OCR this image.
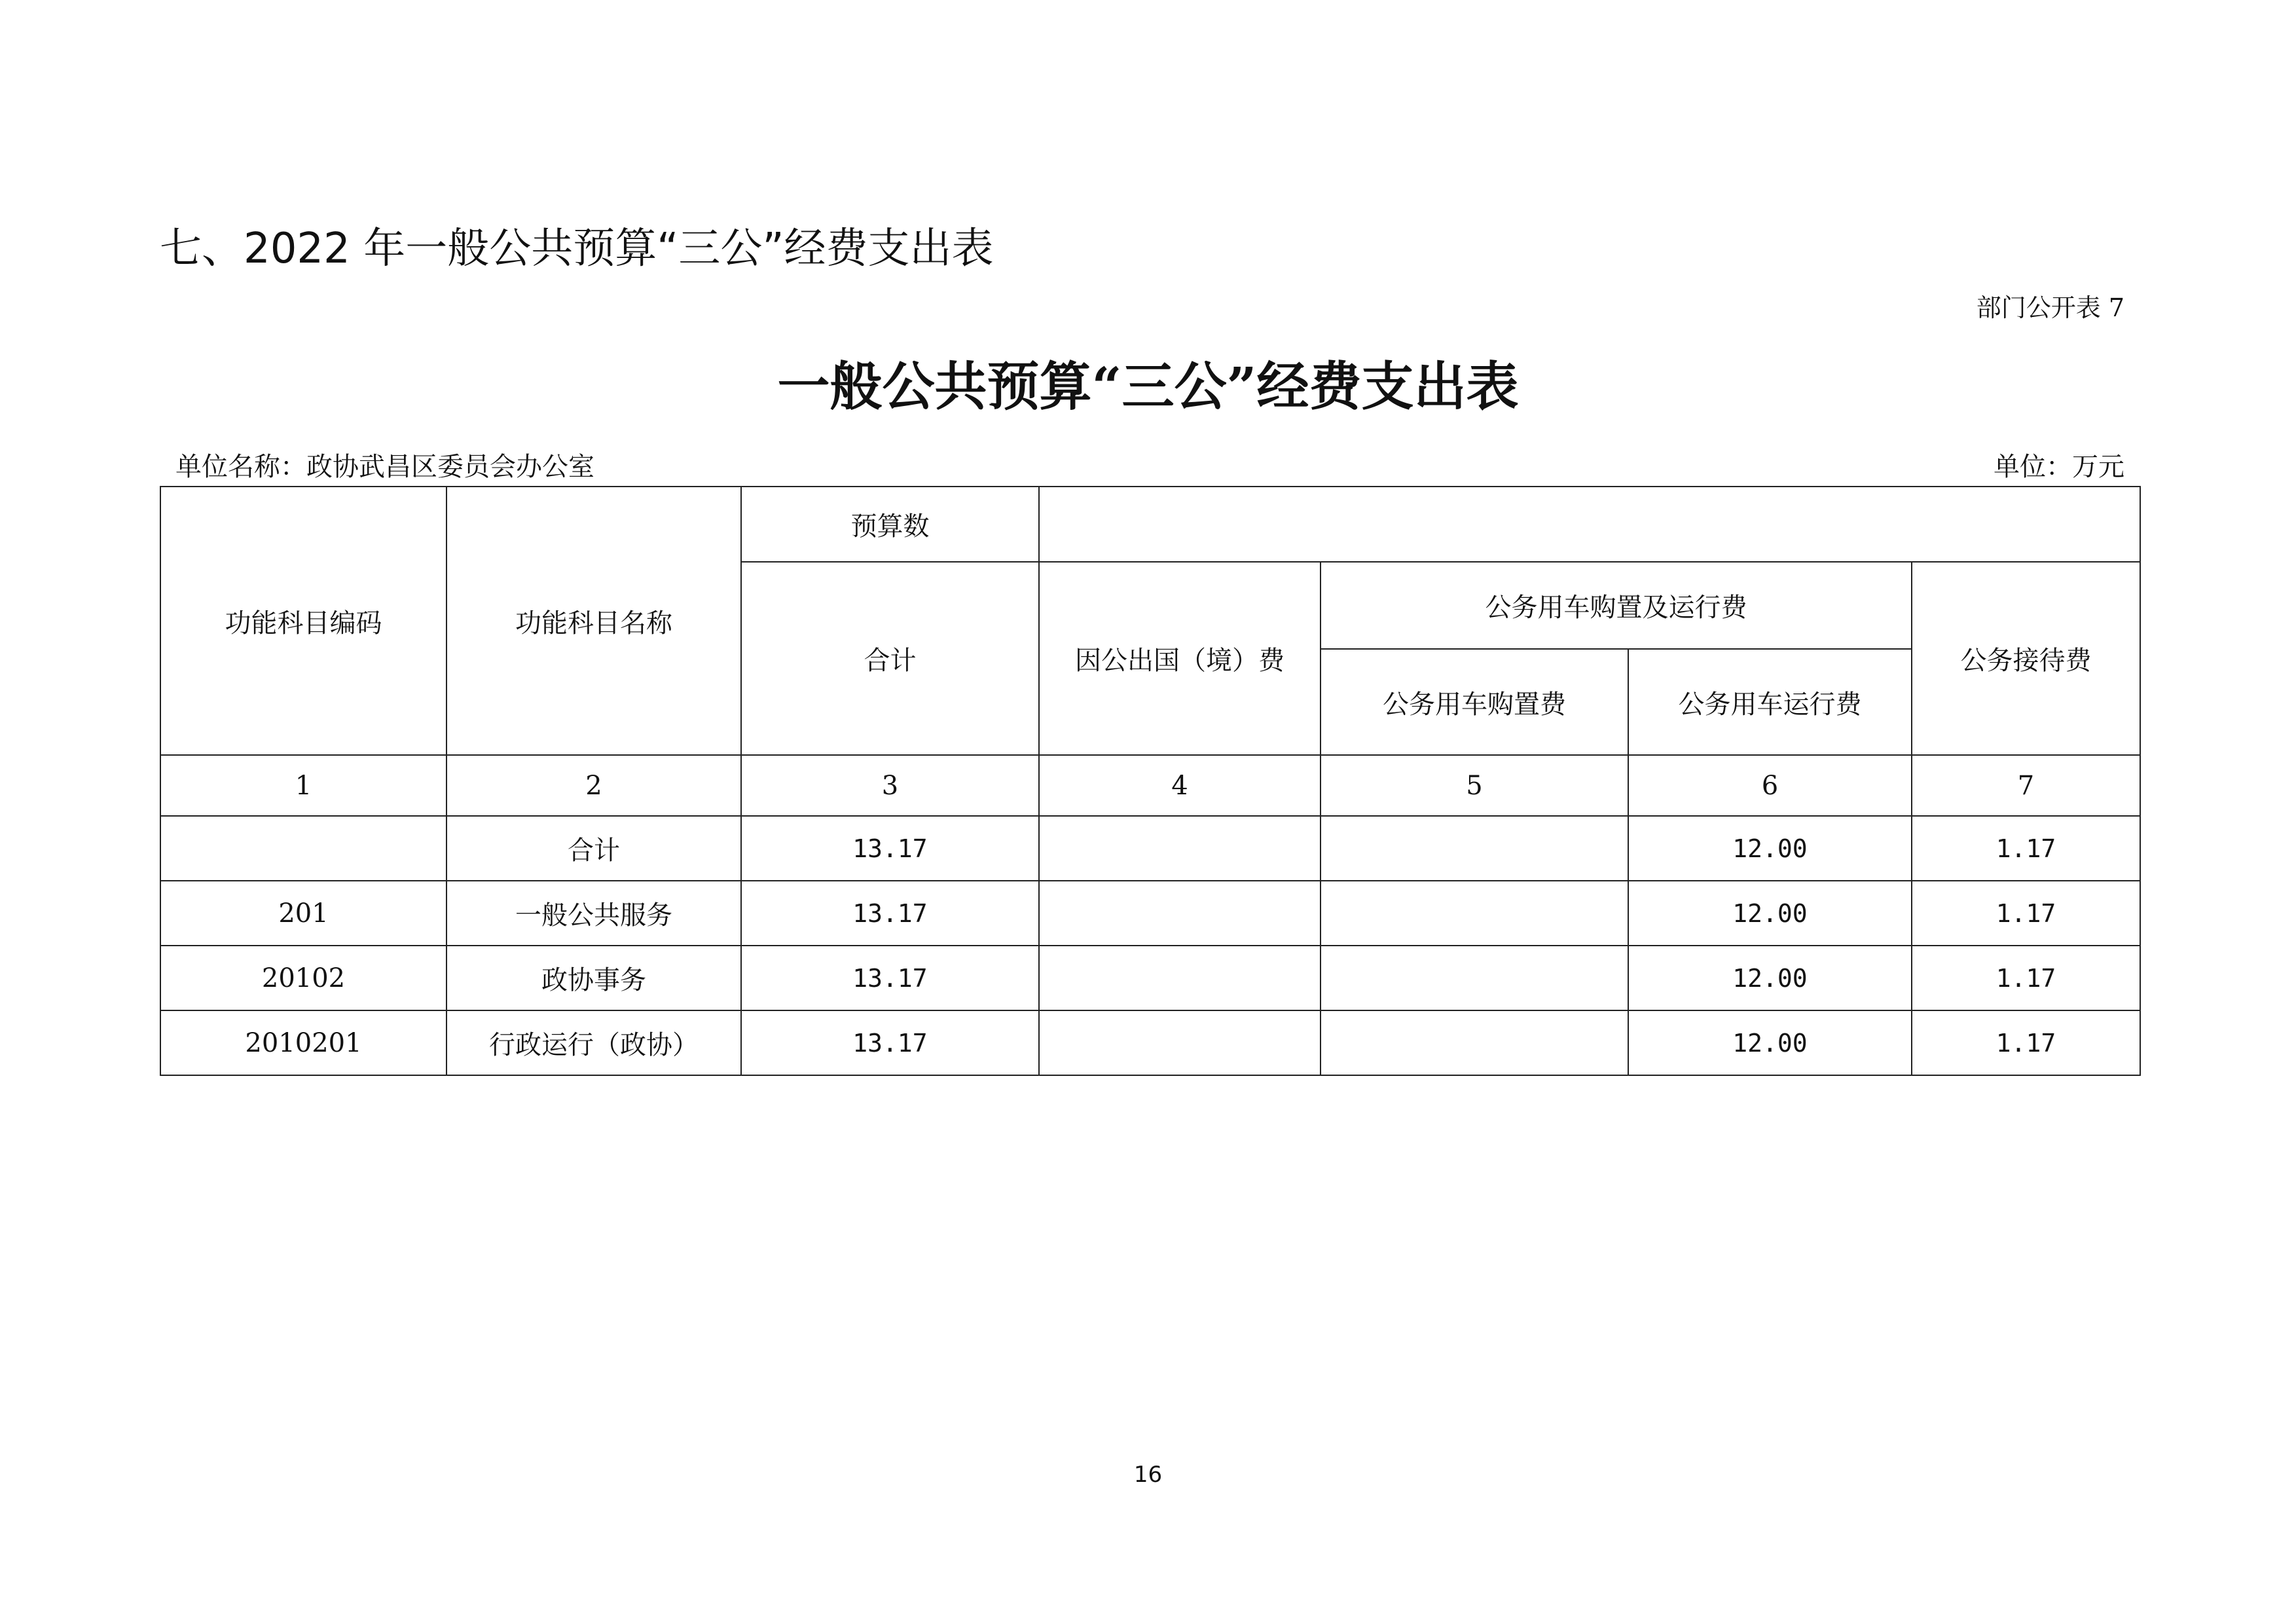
七、2022 年一般公共预算“三公”经费支出表
部门公开表 7
一般公共预算“三公”经费支出表
单位名称：政协武昌区委员会办公室	单位：万元
功能科目编码	功能科目名称	预算数				
		合计	因公出国（境）费	公务用车购置及运行费		公务接待费
				公务用车购置费	公务用车运行费	
1	2	3	4	5	6	7
	合计	13.17			12.00	1.17
201	一般公共服务	13.17			12.00	1.17
20102	政协事务	13.17			12.00	1.17
2010201	行政运行（政协）	13.17			12.00	1.17
16
